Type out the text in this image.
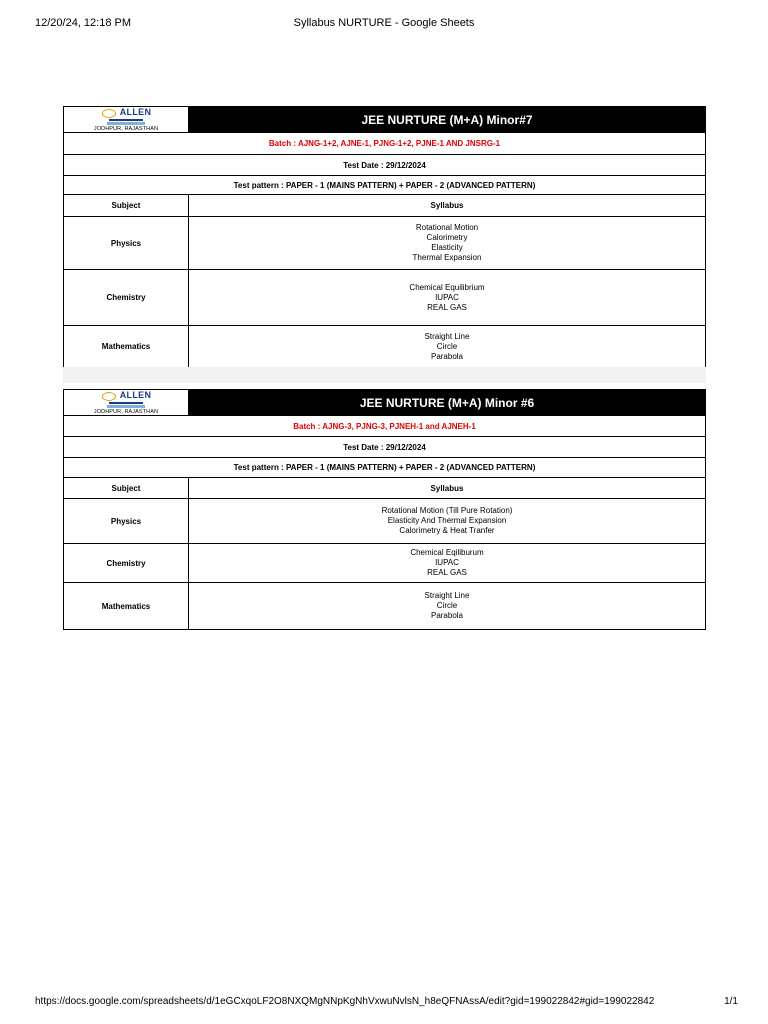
12/20/24, 12:18 PM	Syllabus NURTURE - Google Sheets
ALLEN
JODHPUR, RAJASTHAN	JEE NURTURE (M+A) Minor#7
Batch : AJNG-1+2, AJNE-1, PJNG-1+2, PJNE-1 AND JNSRG-1	
Test Date : 29/12/2024	
Test pattern : PAPER - 1 (MAINS PATTERN) + PAPER - 2 (ADVANCED PATTERN)	
Subject	Syllabus
Physics	Rotational Motion
Calorimetry
Elasticity
Thermal Expansion

Chemistry	Chemical Equilibrium
IUPAC
REAL GAS

Mathematics	Straight Line
Circle
Parabola
ALLEN
JODHPUR, RAJASTHAN	JEE NURTURE (M+A) Minor #6
Batch : AJNG-3, PJNG-3, PJNEH-1 and AJNEH-1	
Test Date : 29/12/2024	
Test pattern : PAPER - 1 (MAINS PATTERN) + PAPER - 2 (ADVANCED PATTERN)	
Subject	Syllabus
Physics	Rotational Motion (Till Pure Rotation)
Elasticity And Thermal Expansion
Calorimetry & Heat Tranfer

Chemistry	Chemical Eqiliburum
IUPAC
REAL GAS

Mathematics	Straight Line
Circle
Parabola
https://docs.google.com/spreadsheets/d/1eGCxqoLF2O8NXQMgNNpKgNhVxwuNvlsN_h8eQFNAssA/edit?gid=199022842#gid=199022842	1/1
